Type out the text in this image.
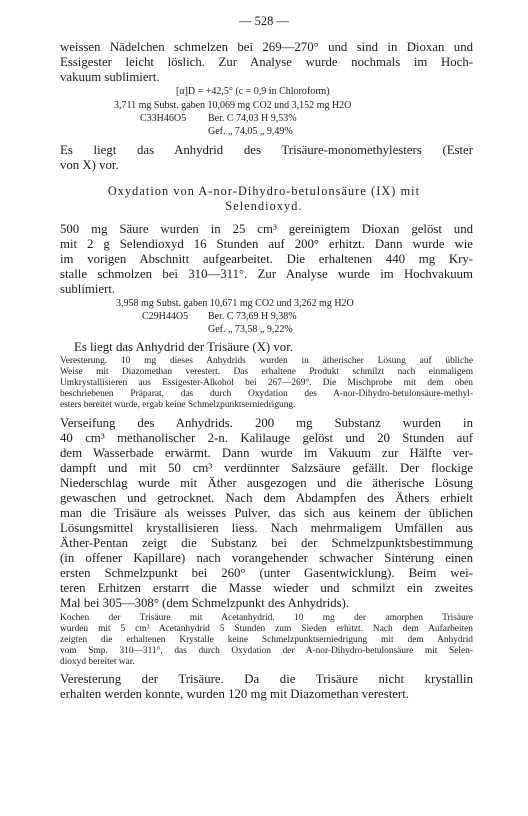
— 528 —
weissen Nädelchen schmelzen bei 269—270° und sind in Dioxan und
Essigester leicht löslich. Zur Analyse wurde nochmals im Hoch-
vakuum sublimiert.
[α]D = +42,5° (c = 0,9 in Chloroform)
3,711 mg Subst. gaben 10,069 mg CO2 und 3,152 mg H2O
C33H46O5 Ber. C 74,03 H 9,53%
Gef. „ 74,05 „ 9,49%
Es liegt das Anhydrid des Trisäure-monomethylesters (Ester
von X) vor.
Oxydation von A-nor-Dihydro-betulonsäure (IX) mit
Selendioxyd.
500 mg Säure wurden in 25 cm³ gereinigtem Dioxan gelöst und
mit 2 g Selendioxyd 16 Stunden auf 200° erhitzt. Dann wurde wie
im vorigen Abschnitt aufgearbeitet. Die erhaltenen 440 mg Kry-
stalle schmolzen bei 310—311°. Zur Analyse wurde im Hochvakuum
sublimiert.
3,958 mg Subst. gaben 10,671 mg CO2 und 3,262 mg H2O
C29H44O5 Ber. C 73,69 H 9,38%
Gef. „ 73,58 „ 9,22%
Es liegt das Anhydrid der Trisäure (X) vor.
Veresterung. 10 mg dieses Anhydrids wurden in ätherischer Lösung auf übliche
Weise mit Diazomethan verestert. Das erhaltene Produkt schmilzt nach einmaligem
Umkrystallisieren aus Essigester-Alkohol bei 267—269°. Die Mischprobe mit dem oben
beschriebenen Präparat, das durch Oxydation des A-nor-Dihydro-betulonsäure-methyl-
esters bereitet wurde, ergab keine Schmelzpunktserniedrigung.
Verseifung des Anhydrids. 200 mg Substanz wurden in
40 cm³ methanolischer 2-n. Kalilauge gelöst und 20 Stunden auf
dem Wasserbade erwärmt. Dann wurde im Vakuum zur Hälfte ver-
dampft und mit 50 cm³ verdünnter Salzsäure gefällt. Der flockige
Niederschlag wurde mit Äther ausgezogen und die ätherische Lösung
gewaschen und getrocknet. Nach dem Abdampfen des Äthers erhielt
man die Trisäure als weisses Pulver, das sich aus keinem der üblichen
Lösungsmittel krystallisieren liess. Nach mehrmaligem Umfällen aus
Äther-Pentan zeigt die Substanz bei der Schmelzpunktsbestimmung
(in offener Kapillare) nach vorangehender schwacher Sinterung einen
ersten Schmelzpunkt bei 260° (unter Gasentwicklung). Beim wei-
teren Erhitzen erstarrt die Masse wieder und schmilzt ein zweites
Mal bei 305—308° (dem Schmelzpunkt des Anhydrids).
Kochen der Trisäure mit Acetanhydrid. 10 mg der amorphen Trisäure
wurden mit 5 cm³ Acetanhydrid 5 Stunden zum Sieden erhitzt. Nach dem Aufarbeiten
zeigten die erhaltenen Krystalle keine Schmelzpunktserniedrigung mit dem Anhydrid
vom Smp. 310—311°, das durch Oxydation der A-nor-Dihydro-betulonsäure mit Selen-
dioxyd bereitet war.
Veresterung der Trisäure. Da die Trisäure nicht krystallin
erhalten werden konnte, wurden 120 mg mit Diazomethan verestert.
